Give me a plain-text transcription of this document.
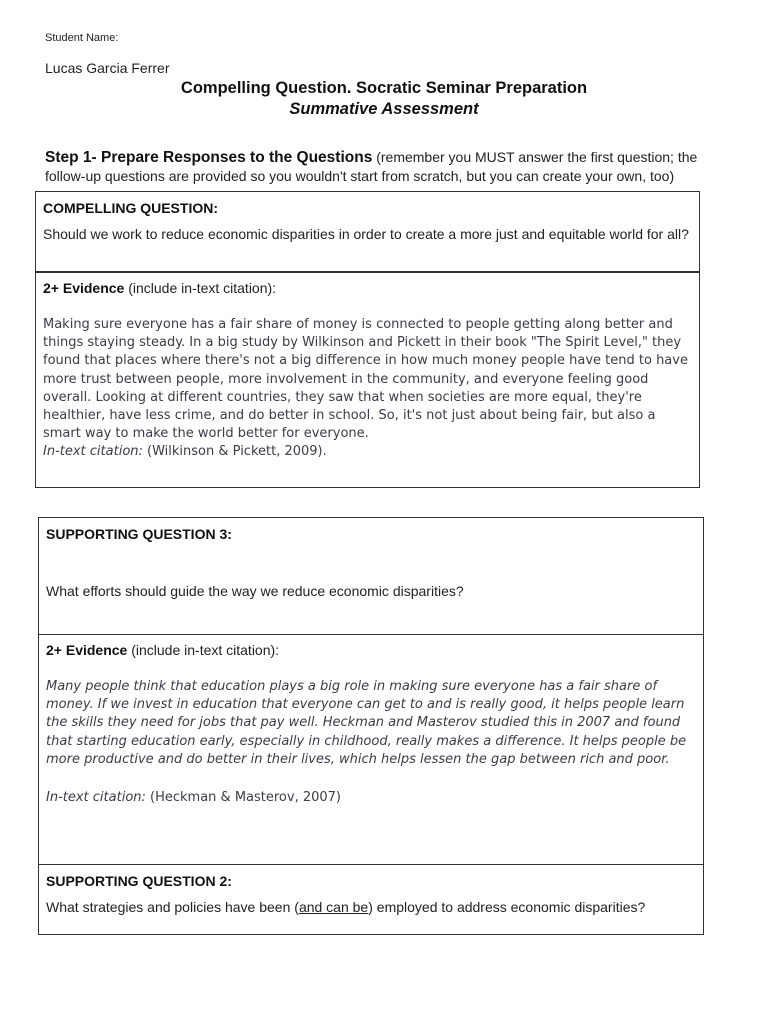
Student Name:
Lucas Garcia Ferrer
Compelling Question. Socratic Seminar Preparation
Summative Assessment
Step 1- Prepare Responses to the Questions (remember you MUST answer the first question; the follow-up questions are provided so you wouldn't start from scratch, but you can create your own, too)
COMPELLING QUESTION:
Should we work to reduce economic disparities in order to create a more just and equitable world for all?
2+ Evidence (include in-text citation):
Making sure everyone has a fair share of money is connected to people getting along better and things staying steady. In a big study by Wilkinson and Pickett in their book "The Spirit Level," they found that places where there's not a big difference in how much money people have tend to have more trust between people, more involvement in the community, and everyone feeling good overall. Looking at different countries, they saw that when societies are more equal, they're healthier, have less crime, and do better in school. So, it's not just about being fair, but also a smart way to make the world better for everyone.
In-text citation: (Wilkinson & Pickett, 2009).
SUPPORTING QUESTION 3:
What efforts should guide the way we reduce economic disparities?
2+ Evidence (include in-text citation):
Many people think that education plays a big role in making sure everyone has a fair share of money. If we invest in education that everyone can get to and is really good, it helps people learn the skills they need for jobs that pay well. Heckman and Masterov studied this in 2007 and found that starting education early, especially in childhood, really makes a difference. It helps people be more productive and do better in their lives, which helps lessen the gap between rich and poor.
In-text citation: (Heckman & Masterov, 2007)
SUPPORTING QUESTION 2:
What strategies and policies have been (and can be) employed to address economic disparities?
